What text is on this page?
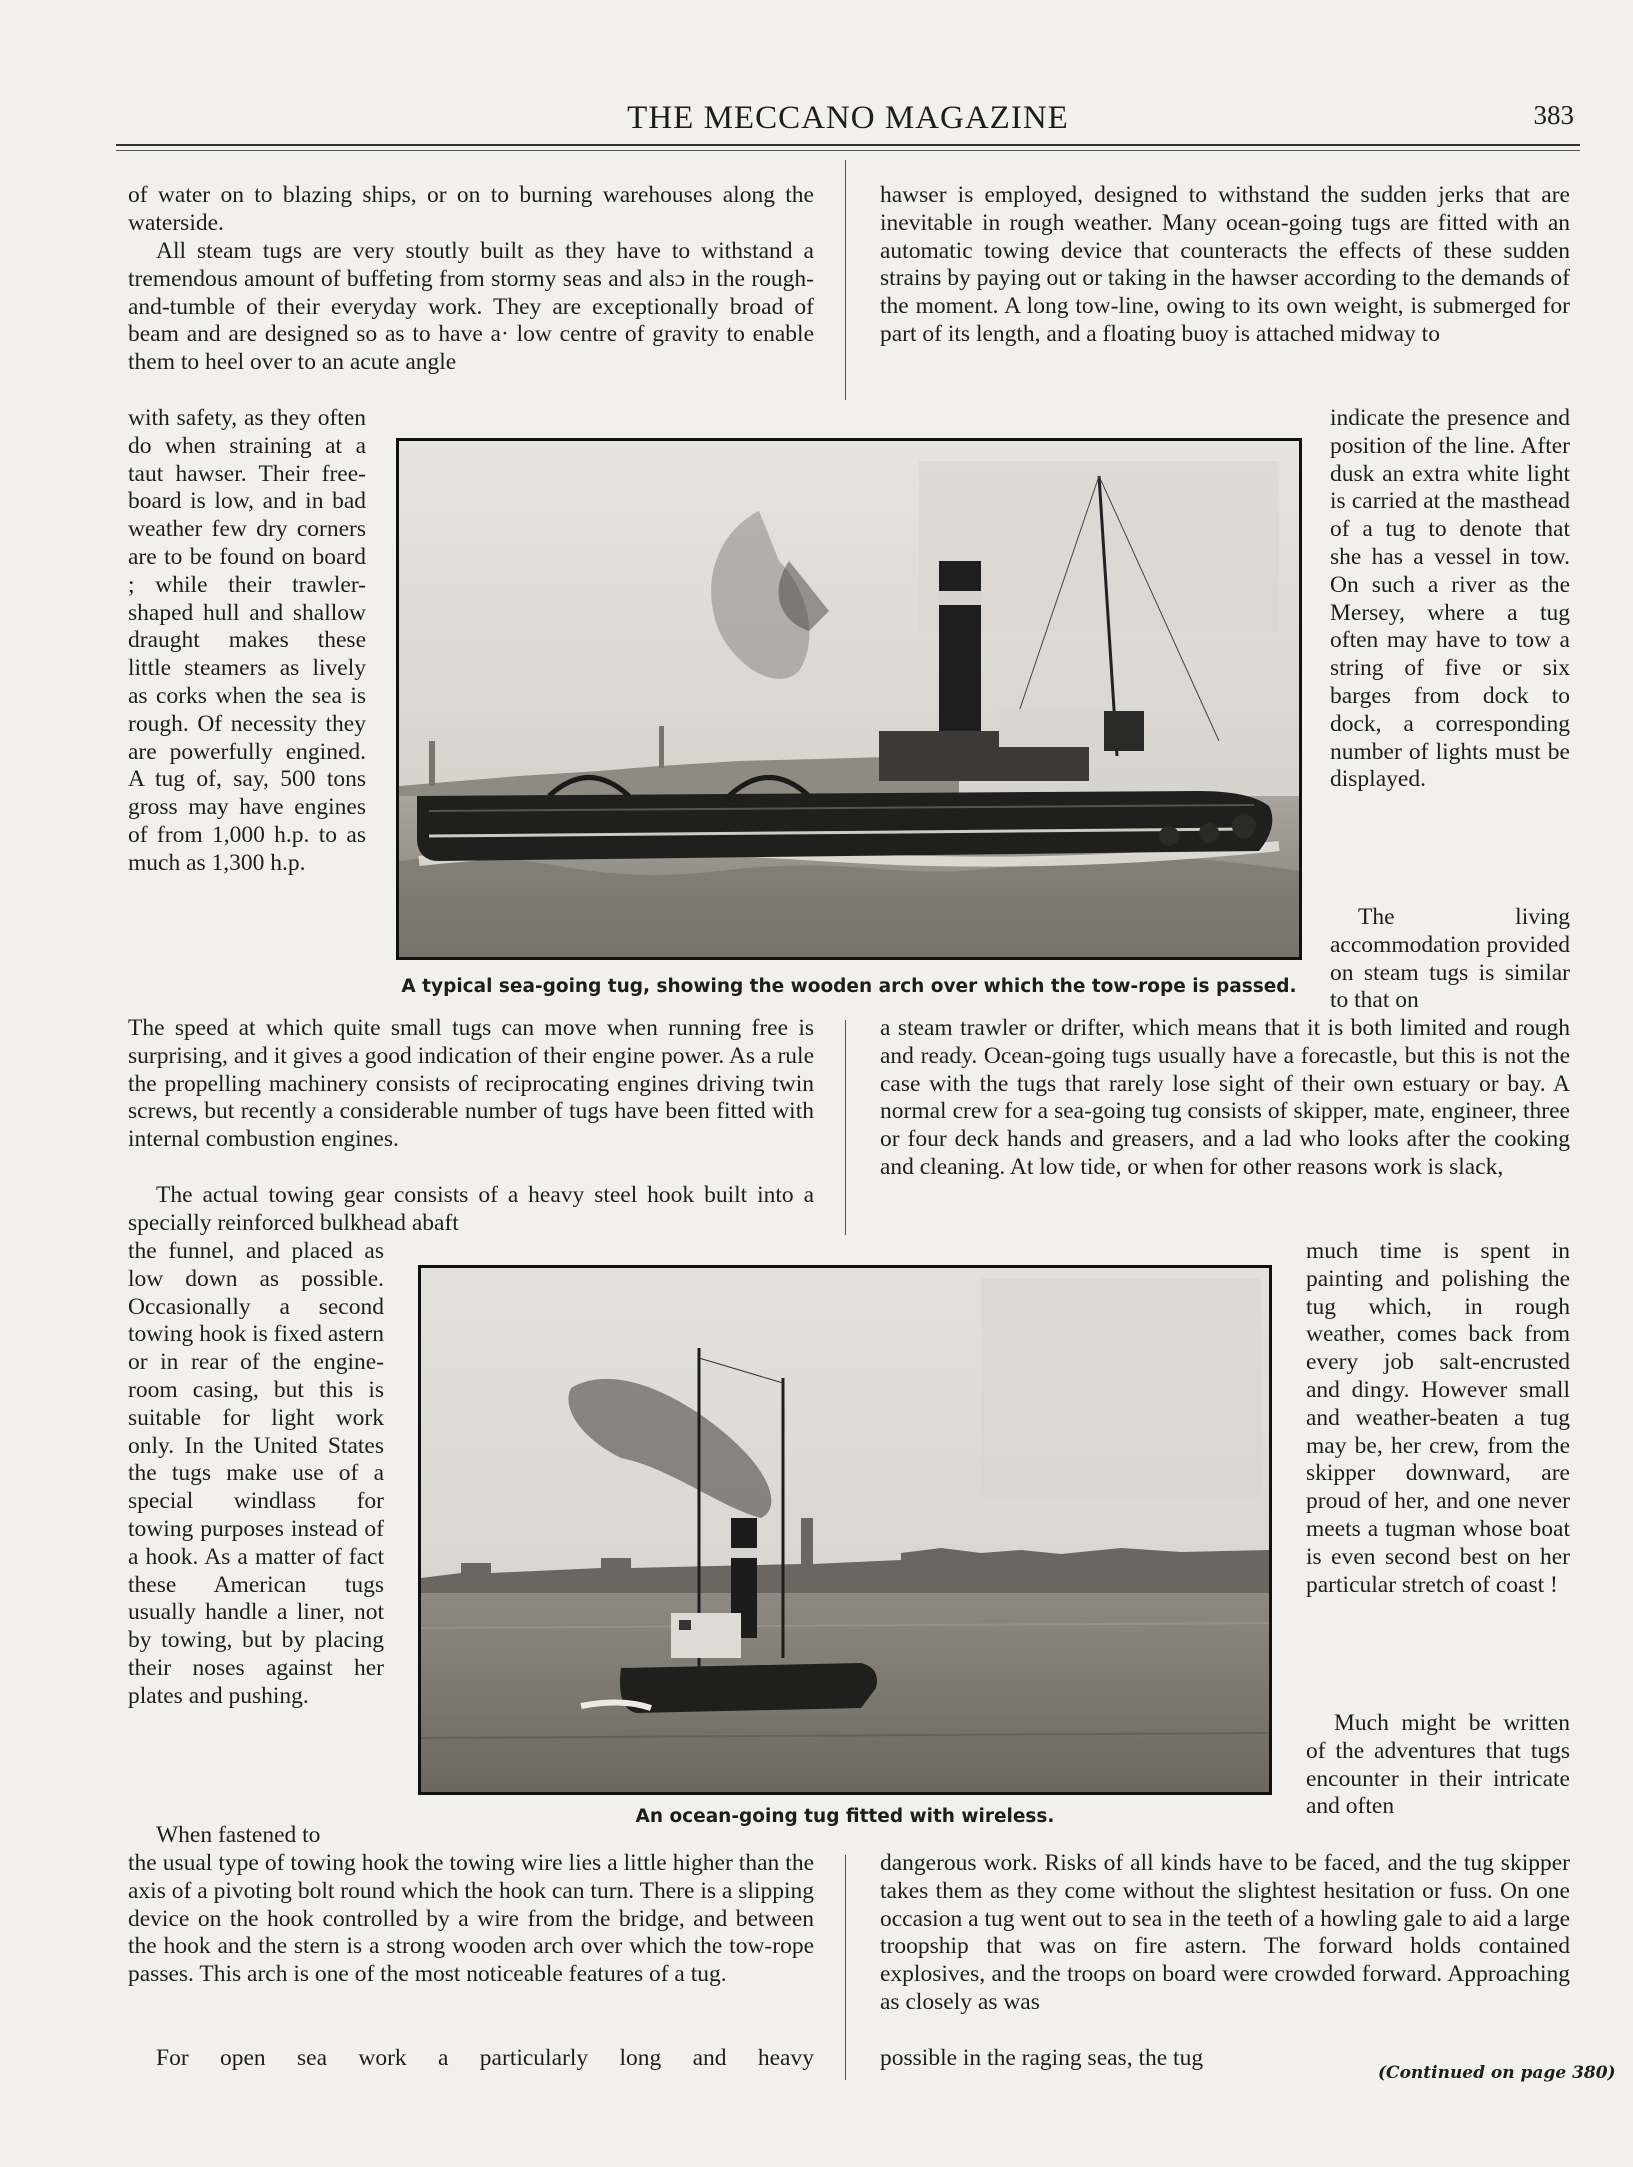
THE MECCANO MAGAZINE	383

of water on to blazing ships, or on to burning warehouses along the waterside.

All steam tugs are very stoutly built as they have to withstand a tremendous amount of buffeting from stormy seas and alsɔ in the rough-and-tumble of their everyday work. They are exceptionally broad of beam and are designed so as to have a· low centre of gravity to enable them to heel over to an acute angle

with safety, as they often do when straining at a taut hawser. Their free-board is low, and in bad weather few dry corners are to be found on board ; while their trawler-shaped hull and shallow draught makes these little steamers as lively as corks when the sea is rough. Of necessity they are powerfully engined. A tug of, say, 500 tons gross may have engines of from 1,000 h.p. to as much as 1,300 h.p.

The speed at which quite small tugs can move when running free is surprising, and it gives a good indication of their engine power. As a rule the propelling machinery consists of reciprocating engines driving twin screws, but recently a considerable number of tugs have been fitted with internal combustion engines.

The actual towing gear consists of a heavy steel hook built into a specially reinforced bulkhead abaft

the funnel, and placed as low down as possible. Occasionally a second towing hook is fixed astern or in rear of the engine-room casing, but this is suitable for light work only. In the United States the tugs make use of a special windlass for towing purposes instead of a hook. As a matter of fact these American tugs usually handle a liner, not by towing, but by placing their noses against her plates and pushing.

When fastened to

the usual type of towing hook the towing wire lies a little higher than the axis of a pivoting bolt round which the hook can turn. There is a slipping device on the hook controlled by a wire from the bridge, and between the hook and the stern is a strong wooden arch over which the tow-rope passes. This arch is one of the most noticeable features of a tug.

For open sea work a particularly long and heavy

hawser is employed, designed to withstand the sudden jerks that are inevitable in rough weather. Many ocean-going tugs are fitted with an automatic towing device that counteracts the effects of these sudden strains by paying out or taking in the hawser according to the demands of the moment. A long tow-line, owing to its own weight, is submerged for part of its length, and a floating buoy is attached midway to

indicate the presence and position of the line. After dusk an extra white light is carried at the masthead of a tug to denote that she has a vessel in tow. On such a river as the Mersey, where a tug often may have to tow a string of five or six barges from dock to dock, a corresponding number of lights must be displayed.

The living accommodation provided on steam tugs is similar to that on

a steam trawler or drifter, which means that it is both limited and rough and ready. Ocean-going tugs usually have a forecastle, but this is not the case with the tugs that rarely lose sight of their own estuary or bay. A normal crew for a sea-going tug consists of skipper, mate, engineer, three or four deck hands and greasers, and a lad who looks after the cooking and cleaning. At low tide, or when for other reasons work is slack,

much time is spent in painting and polishing the tug which, in rough weather, comes back from every job salt-encrusted and dingy. However small and weather-beaten a tug may be, her crew, from the skipper downward, are proud of her, and one never meets a tugman whose boat is even second best on her particular stretch of coast !

Much might be written of the adventures that tugs encounter in their intricate and often

dangerous work. Risks of all kinds have to be faced, and the tug skipper takes them as they come without the slightest hesitation or fuss. On one occasion a tug went out to sea in the teeth of a howling gale to aid a large troopship that was on fire astern. The forward holds contained explosives, and the troops on board were crowded forward. Approaching as closely as was

possible in the raging seas, the tug

(Continued on page 380)
A typical sea-going tug, showing the wooden arch over which the tow-rope is passed.
An ocean-going tug fitted with wireless.
